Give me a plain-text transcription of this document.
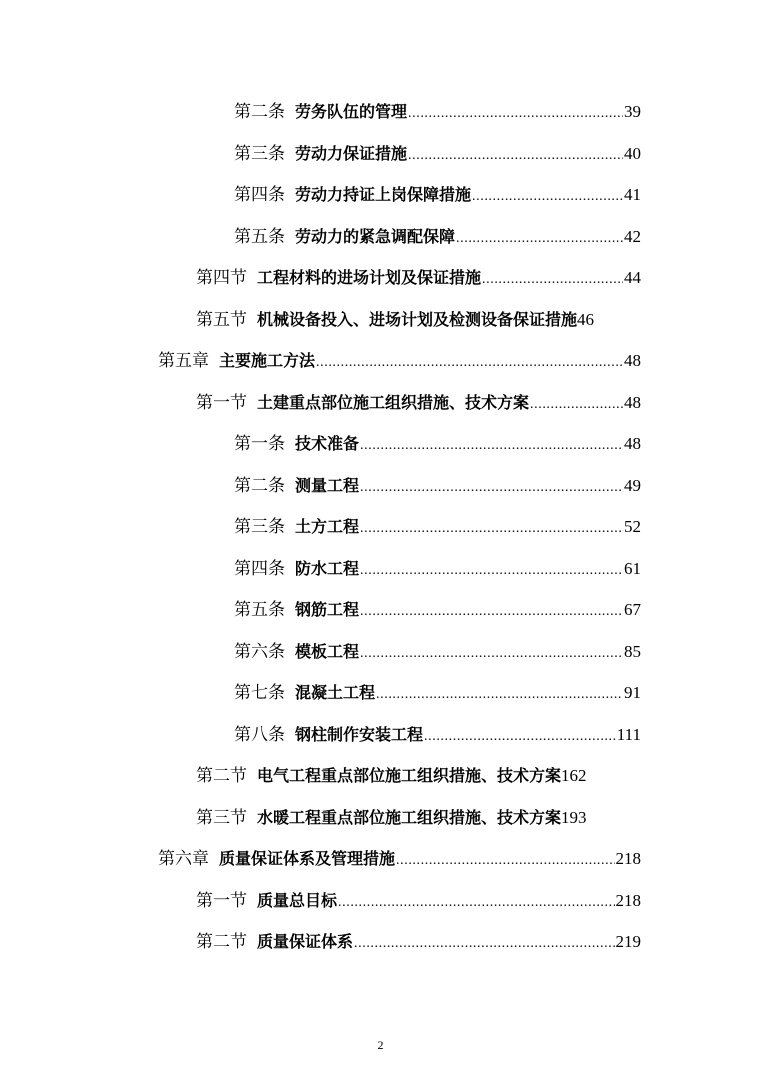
第二条 劳务队伍的管理 .....	39
第三条 劳动力保证措施 .....	40
第四条 劳动力持证上岗保障措施 .....	41
第五条 劳动力的紧急调配保障 .....	42
第四节 工程材料的进场计划及保证措施 .....	44
第五节 机械设备投入、进场计划及检测设备保证措施 46
第五章 主要施工方法 .....	48
第一节 土建重点部位施工组织措施、技术方案 .....	48
第一条 技术准备 .....	48
第二条 测量工程 .....	49
第三条 土方工程 .....	52
第四条 防水工程 .....	61
第五条 钢筋工程 .....	67
第六条 模板工程 .....	85
第七条 混凝土工程 .....	91
第八条 钢柱制作安装工程 .....	111
第二节 电气工程重点部位施工组织措施、技术方案 162
第三节 水暖工程重点部位施工组织措施、技术方案 193
第六章 质量保证体系及管理措施 .....	218
第一节 质量总目标 .....	218
第二节 质量保证体系 .....	219
2
